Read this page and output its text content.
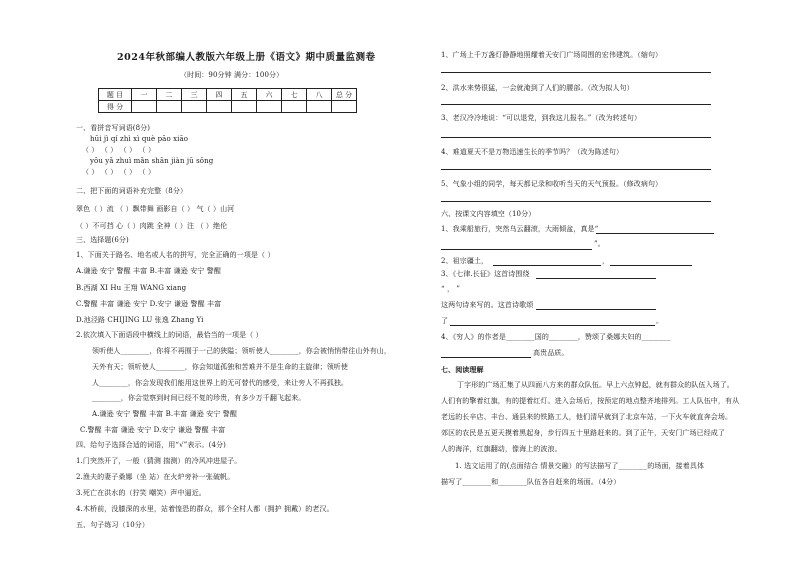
2024年秋部编人教版六年级上册《语文》期中质量监测卷
（时间：90分钟 满分：100分）
题 目	一	二	三	四	五	六	七	八	总 分
得 分									
一、看拼音写词语(8分)
hūi jì qí zhì xì què pāo xiāo
（ ） （ ） （ ） （ ）
yōu yǎ zhuì mǎn shān jiàn jū sǒng
（ ） （ ） （ ） （ ）
二、把下面的词语补充完整（8分）
翠色（ ）流 （ ）飘带舞 画影自（ ） 气（ ）山河
（ ）不可挡 心（ ）肉跳 全神（ ）注 （ ）绝伦
三、选择题(6分)
1、下面关于路名、地名或人名的拼写，完全正确的一项是（ ）
A.谦逊 安宁 警醒 丰富 B.丰富 谦逊 安宁 警醒
B.西湖 XI Hu 王翔 WANG xiang
C.警醒 丰富 谦逊 安宁 D.安宁 谦逊 警醒 丰富
D.池泾路 CHIJING LU 张逸 Zhang Yi
2.依次填入下面语段中横线上的词语，最恰当的一项是（ ）
领听使人________，你将不再囿于一己的狭隘；领听使人________，你会被悄悄带往山外有山，
天外有天；领听使人________，你会知道孤独和苦难并不是生命的主旋律；领听使
人________，你会发现我们能用这世界上的无可替代的感受，来让旁人不再孤独。
________，你会觉察到时间已经不复的珍贵，有多少万千翻飞起来。
A.谦逊 安宁 警醒 丰富 B.丰富 谦逊 安宁 警醒
C.警醒 丰富 谦逊 安宁 D.安宁 谦逊 警醒 丰富
四、给句子选择合适的词语，用“√”表示。(4分)
1.门突然开了，一般（猜测 揣测）的冷风冲进屋子。
2.渔夫的妻子桑娜（坐 站）在火炉旁补一张破帆。
3.死亡在洪水的（狞笑 嘲笑）声中逼近。
4.木桥前，没膝深的水里，站着惶恐的群众，那个全村人都（拥护 拥戴）的老汉。
五、句子练习（10分）
1、广场上千万盏灯静静地照耀着天安门广场周围的宏伟建筑。（缩句）
2、洪水来势很猛，一会就淹到了人们的腰部。（改为拟人句）
3、老汉冷冷地说：“可以退党，到我这儿报名。”（改为转述句）
4、难道夏天不是万物迅速生长的季节吗？（改为陈述句）
5、气象小组的同学，每天都记录和收听当天的天气预报。（修改病句）
六、按课文内容填空（10分）
1、我乘船旅行，突然乌云翻滚，大雨倾盆，真是“
”。
2、祖宗疆土，	，
3、《七律.长征》这首诗围绕
“ ， ”
这两句诗来写的。这首诗歌颂
了	。
4、《穷人》的作者是________国的________，赞颂了桑娜夫妇的________
高贵品质。
七、阅读理解
丁字形的广场汇集了从四面八方来的群众队伍。早上六点钟起，就有群众的队伍入场了。
人们有的擎着红旗，有的提着红灯。进入会场后，按预定的地点整齐地排列。工人队伍中，有从
老远的长辛店、丰台、通县来的铁路工人，他们清早就到了北京车站，一下火车就直奔会场。
郊区的农民是五更天摸着黑起身，步行四五十里路赶来的。到了正午，天安门广场已经成了
人的海洋，红旗翻动，像海上的波浪。
1. 选文运用了的(点面结合 情景交融）的写法描写了________的场面，接着具体
描写了________和________队伍各自赶来的场面。（4分）
